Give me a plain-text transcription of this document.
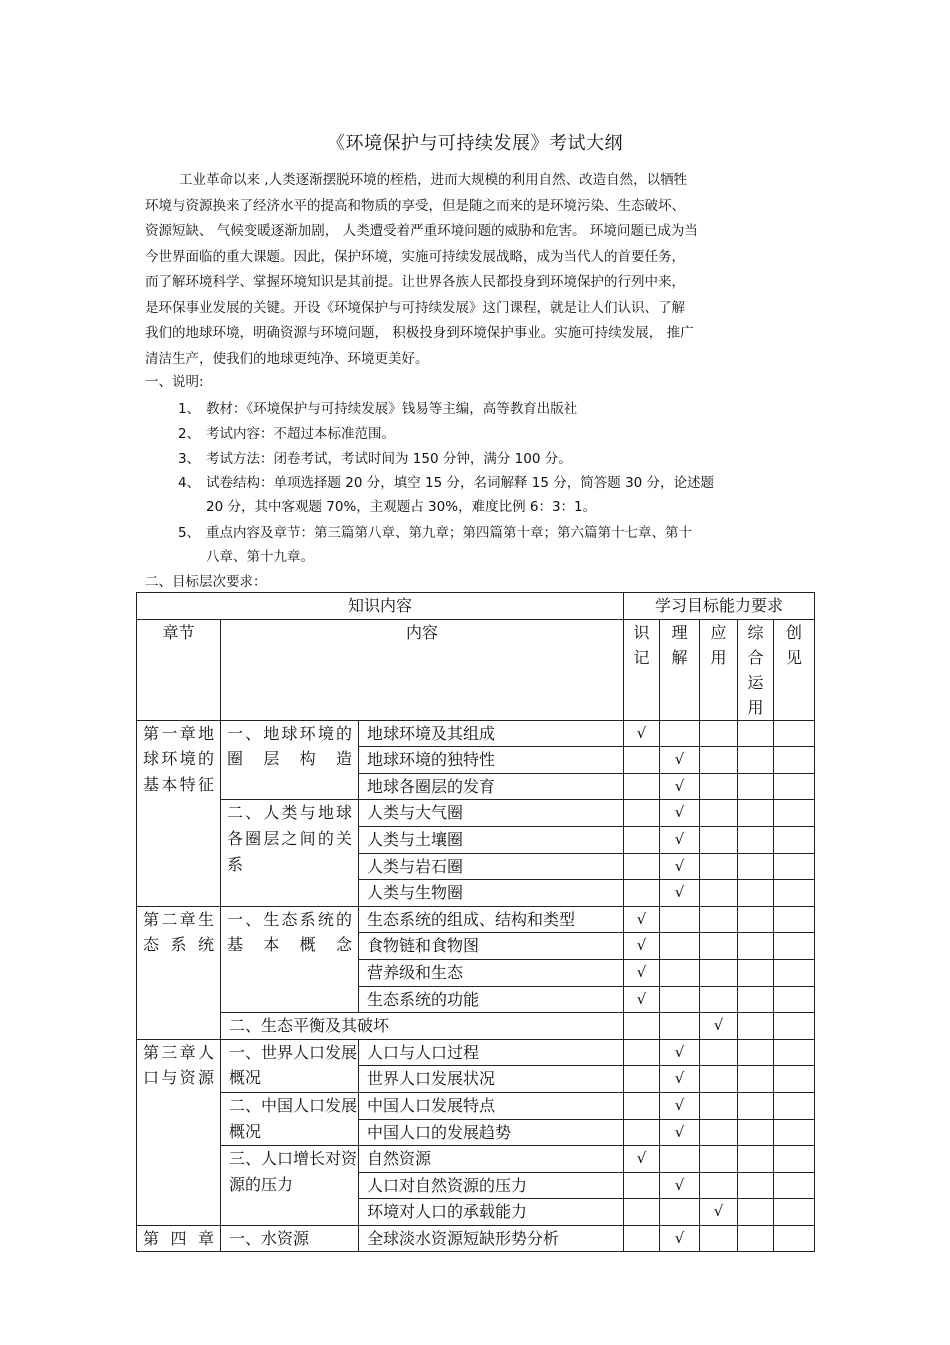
《环境保护与可持续发展》考试大纲
工业革命以来 ,人类逐渐摆脱环境的桎梏，进而大规模的利用自然、改造自然，以牺牲
环境与资源换来了经济水平的提高和物质的享受，但是随之而来的是环境污染、生态破坏、
资源短缺、 气候变暖逐渐加剧， 人类遭受着严重环境问题的威胁和危害。 环境问题已成为当
今世界面临的重大课题。因此，保护环境，实施可持续发展战略，成为当代人的首要任务，
而了解环境科学、掌握环境知识是其前提。让世界各族人民都投身到环境保护的行列中来，
是环保事业发展的关键。开设《环境保护与可持续发展》这门课程，就是让人们认识、了解
我们的地球环境，明确资源与环境问题， 积极投身到环境保护事业。实施可持续发展， 推广
清洁生产，使我们的地球更纯净、环境更美好。
一、说明:
1、 教材：《环境保护与可持续发展》钱易等主编，高等教育出版社
2、 考试内容：不超过本标准范围。
3、 考试方法：闭卷考试，考试时间为 150 分钟，满分 100 分。
4、 试卷结构：单项选择题 20 分，填空 15 分，名词解释 15 分，简答题 30 分，论述题
20 分，其中客观题 70%，主观题占 30%，难度比例 6：3：1。
5、 重点内容及章节：第三篇第八章、第九章；第四篇第十章；第六篇第十七章、第十
八章、第十九章。
二、目标层次要求：
知识内容			学习目标能力要求				
章节	内容		识记	理解	应用	综合运用	创见

第一章地球环境的基本特征	一、地球环境的圈层构造	地球环境及其组成	√				
		地球环境的独特性		√			
		地球各圈层的发育		√			
	二、人类与地球各圈层之间的关系	人类与大气圈		√			
		人类与土壤圈		√			
		人类与岩石圈		√			
		人类与生物圈		√			
第二章生态系统	一、生态系统的基本概念	生态系统的组成、结构和类型	√				
		食物链和食物图	√				
		营养级和生态	√				
		生态系统的功能	√				
	二、生态平衡及其破坏				√		
第三章人口与资源	一、世界人口发展概况	人口与人口过程		√			
		世界人口发展状况		√			
	二、中国人口发展概况	中国人口发展特点		√			
		中国人口的发展趋势		√			
	三、人口增长对资源的压力	自然资源	√				
		人口对自然资源的压力		√			
		环境对人口的承载能力			√		
第四章	一、水资源	全球淡水资源短缺形势分析		√			
